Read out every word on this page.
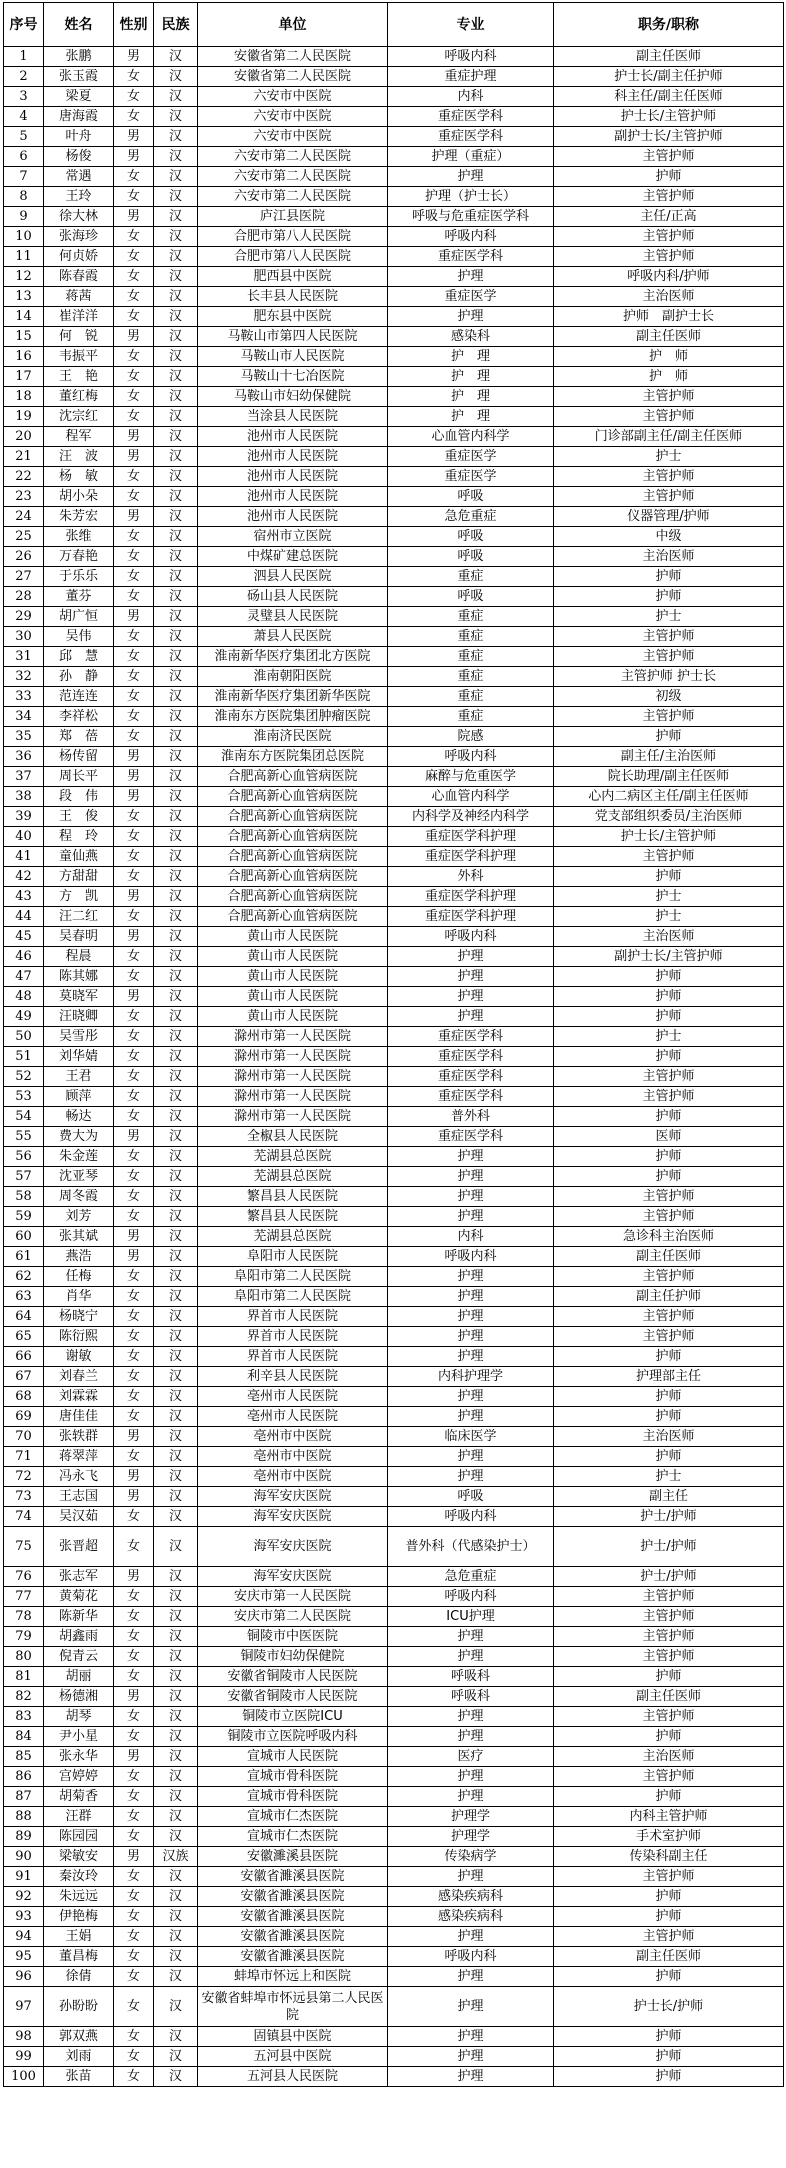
序号	姓名	性别	民族	单位	专业	职务/职称
1	张鹏	男	汉	安徽省第二人民医院	呼吸内科	副主任医师
2	张玉霞	女	汉	安徽省第二人民医院	重症护理	护士长/副主任护师
3	梁夏	女	汉	六安市中医院	内科	科主任/副主任医师
4	唐海霞	女	汉	六安市中医院	重症医学科	护士长/主管护师
5	叶舟	男	汉	六安市中医院	重症医学科	副护士长/主管护师
6	杨俊	男	汉	六安市第二人民医院	护理（重症）	主管护师
7	常遇	女	汉	六安市第二人民医院	护理	护师
8	王玲	女	汉	六安市第二人民医院	护理（护士长）	主管护师
9	徐大林	男	汉	庐江县医院	呼吸与危重症医学科	主任/正高
10	张海珍	女	汉	合肥市第八人民医院	呼吸内科	主管护师
11	何贞娇	女	汉	合肥市第八人民医院	重症医学科	主管护师
12	陈春霞	女	汉	肥西县中医院	护理	呼吸内科/护师
13	蒋茜	女	汉	长丰县人民医院	重症医学	主治医师
14	崔洋洋	女	汉	肥东县中医院	护理	护师　副护士长
15	何　锐	男	汉	马鞍山市第四人民医院	感染科	副主任医师
16	韦振平	女	汉	马鞍山市人民医院	护　理	护　师
17	王　艳	女	汉	马鞍山十七冶医院	护　理	护　师
18	董红梅	女	汉	马鞍山市妇幼保健院	护　理	主管护师
19	沈宗红	女	汉	当涂县人民医院	护　理	主管护师
20	程军	男	汉	池州市人民医院	心血管内科学	门诊部副主任/副主任医师
21	汪　波	男	汉	池州市人民医院	重症医学	护士
22	杨　敏	女	汉	池州市人民医院	重症医学	主管护师
23	胡小朵	女	汉	池州市人民医院	呼吸	主管护师
24	朱芳宏	男	汉	池州市人民医院	急危重症	仪器管理/护师
25	张维	女	汉	宿州市立医院	呼吸	中级
26	万春艳	女	汉	中煤矿建总医院	呼吸	主治医师
27	于乐乐	女	汉	泗县人民医院	重症	护师
28	董芬	女	汉	砀山县人民医院	呼吸	护师
29	胡广恒	男	汉	灵璧县人民医院	重症	护士
30	吴伟	女	汉	萧县人民医院	重症	主管护师
31	邱　慧	女	汉	淮南新华医疗集团北方医院	重症	主管护师
32	孙　静	女	汉	淮南朝阳医院	重症	主管护师 护士长
33	范连连	女	汉	淮南新华医疗集团新华医院	重症	初级
34	李祥松	女	汉	淮南东方医院集团肿瘤医院	重症	主管护师
35	郑　蓓	女	汉	淮南济民医院	院感	护师
36	杨传留	男	汉	淮南东方医院集团总医院	呼吸内科	副主任/主治医师
37	周长平	男	汉	合肥高新心血管病医院	麻醉与危重医学	院长助理/副主任医师
38	段　伟	男	汉	合肥高新心血管病医院	心血管内科学	心内二病区主任/副主任医师
39	王　俊	女	汉	合肥高新心血管病医院	内科学及神经内科学	党支部组织委员/主治医师
40	程　玲	女	汉	合肥高新心血管病医院	重症医学科护理	护士长/主管护师
41	童仙燕	女	汉	合肥高新心血管病医院	重症医学科护理	主管护师
42	方甜甜	女	汉	合肥高新心血管病医院	外科	护师
43	方　凯	男	汉	合肥高新心血管病医院	重症医学科护理	护士
44	汪二红	女	汉	合肥高新心血管病医院	重症医学科护理	护士
45	吴春明	男	汉	黄山市人民医院	呼吸内科	主治医师
46	程晨	女	汉	黄山市人民医院	护理	副护士长/主管护师
47	陈其娜	女	汉	黄山市人民医院	护理	护师
48	莫晓军	男	汉	黄山市人民医院	护理	护师
49	汪晓卿	女	汉	黄山市人民医院	护理	护师
50	吴雪彤	女	汉	滁州市第一人民医院	重症医学科	护士
51	刘华婧	女	汉	滁州市第一人民医院	重症医学科	护师
52	王君	女	汉	滁州市第一人民医院	重症医学科	主管护师
53	顾萍	女	汉	滁州市第一人民医院	重症医学科	主管护师
54	畅达	女	汉	滁州市第一人民医院	普外科	护师
55	费大为	男	汉	全椒县人民医院	重症医学科	医师
56	朱金莲	女	汉	芜湖县总医院	护理	护师
57	沈亚琴	女	汉	芜湖县总医院	护理	护师
58	周冬霞	女	汉	繁昌县人民医院	护理	主管护师
59	刘芳	女	汉	繁昌县人民医院	护理	主管护师
60	张其斌	男	汉	芜湖县总医院	内科	急诊科主治医师
61	燕浩	男	汉	阜阳市人民医院	呼吸内科	副主任医师
62	任梅	女	汉	阜阳市第二人民医院	护理	主管护师
63	肖华	女	汉	阜阳市第二人民医院	护理	副主任护师
64	杨晓宁	女	汉	界首市人民医院	护理	主管护师
65	陈衍熙	女	汉	界首市人民医院	护理	主管护师
66	谢敏	女	汉	界首市人民医院	护理	护师
67	刘春兰	女	汉	利辛县人民医院	内科护理学	护理部主任
68	刘霖霖	女	汉	亳州市人民医院	护理	护师
69	唐佳佳	女	汉	亳州市人民医院	护理	护师
70	张轶群	男	汉	亳州市中医院	临床医学	主治医师
71	蒋翠萍	女	汉	亳州市中医院	护理	护师
72	冯永飞	男	汉	亳州市中医院	护理	护士
73	王志国	男	汉	海军安庆医院	呼吸	副主任
74	吴汉茹	女	汉	海军安庆医院	呼吸内科	护士/护师
75	张晋超	女	汉	海军安庆医院	普外科（代感染护士）	护士/护师
76	张志军	男	汉	海军安庆医院	急危重症	护士/护师
77	黄菊花	女	汉	安庆市第一人民医院	呼吸内科	主管护师
78	陈新华	女	汉	安庆市第二人民医院	ICU护理	主管护师
79	胡鑫雨	女	汉	铜陵市中医医院	护理	主管护师
80	倪青云	女	汉	铜陵市妇幼保健院	护理	主管护师
81	胡丽	女	汉	安徽省铜陵市人民医院	呼吸科	护师
82	杨德湘	男	汉	安徽省铜陵市人民医院	呼吸科	副主任医师
83	胡琴	女	汉	铜陵市立医院ICU	护理	主管护师
84	尹小星	女	汉	铜陵市立医院呼吸内科	护理	护师
85	张永华	男	汉	宣城市人民医院	医疗	主治医师
86	宫婷婷	女	汉	宣城市骨科医院	护理	主管护师
87	胡菊香	女	汉	宣城市骨科医院	护理	护师
88	汪群	女	汉	宣城市仁杰医院	护理学	内科主管护师
89	陈园园	女	汉	宣城市仁杰医院	护理学	手术室护师
90	梁敏安	男	汉族	安徽濉溪县医院	传染病学	传染科副主任
91	秦汝玲	女	汉	安徽省濉溪县医院	护理	主管护师
92	朱远远	女	汉	安徽省濉溪县医院	感染疾病科	护师
93	伊艳梅	女	汉	安徽省濉溪县医院	感染疾病科	护师
94	王娟	女	汉	安徽省濉溪县医院	护理	主管护师
95	董昌梅	女	汉	安徽省濉溪县医院	呼吸内科	副主任医师
96	徐倩	女	汉	蚌埠市怀远上和医院	护理	护师
97	孙盼盼	女	汉	安徽省蚌埠市怀远县第二人民医院	护理	护士长/护师
98	郭双燕	女	汉	固镇县中医院	护理	护师
99	刘雨	女	汉	五河县中医院	护理	护师
100	张苗	女	汉	五河县人民医院	护理	护师
